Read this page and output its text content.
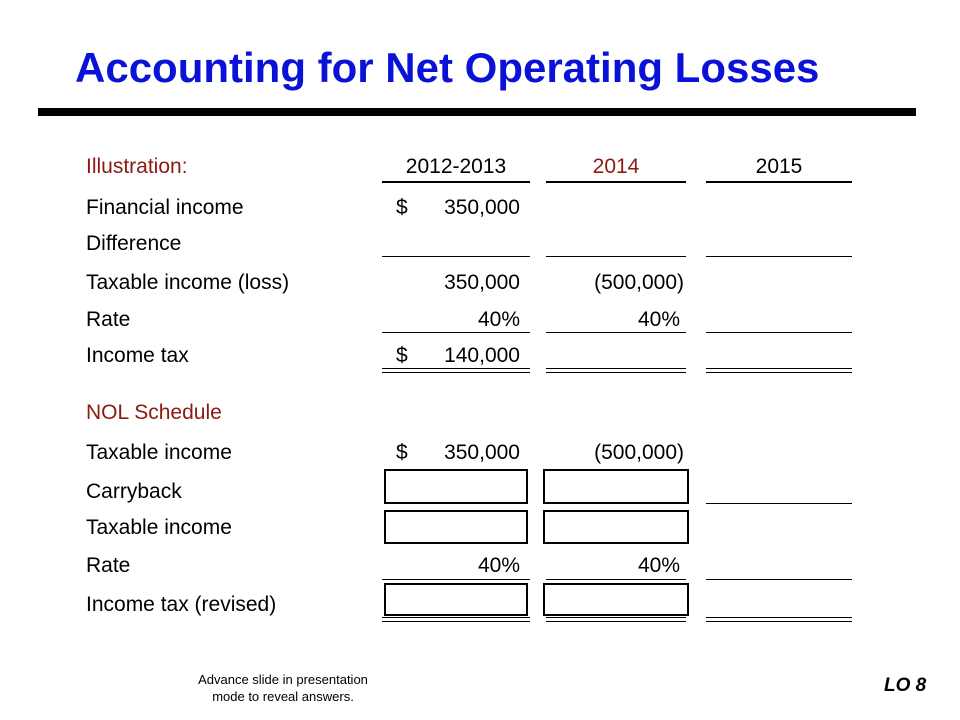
Accounting for Net Operating Losses
Illustration:	2012-2013	2014	2015
Financial income	$	350,000
Difference
Taxable income (loss)	350,000	(500,000)
Rate	40%	40%
Income tax	$	140,000
NOL Schedule
Taxable income	$	350,000	(500,000)
Carryback
Taxable income
Rate	40%	40%
Income tax (revised)
Advance slide in presentation
mode to reveal answers.
LO 8
